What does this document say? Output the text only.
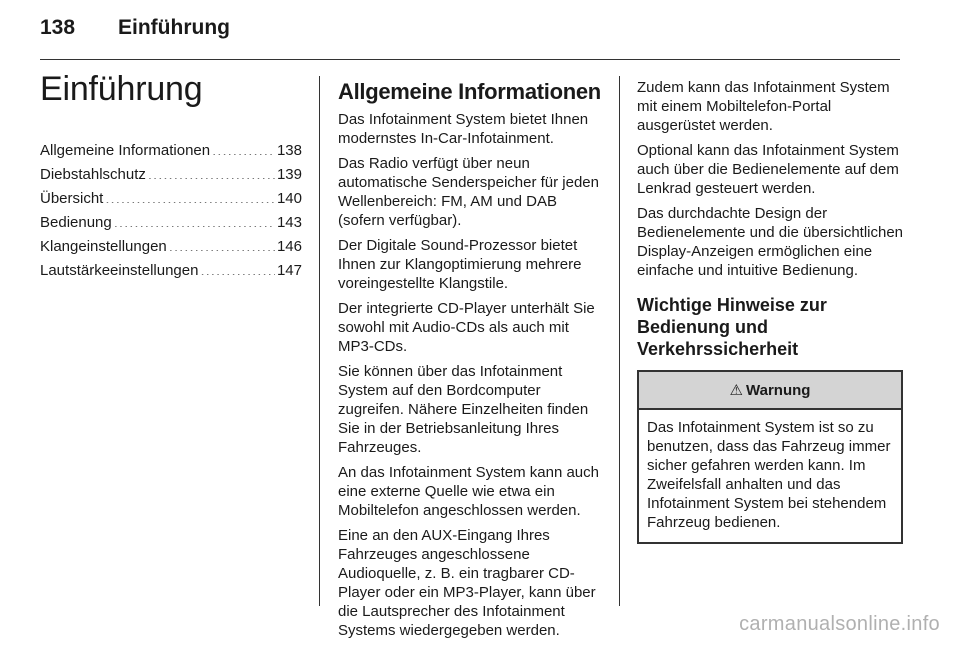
138 Einführung
Einführung
Allgemeine Informationen .....	138
Diebstahlschutz .....	139
Übersicht .....	140
Bedienung .....	143
Klangeinstellungen .....	146
Lautstärkeeinstellungen .....	147
Allgemeine Informationen

Das Infotainment System bietet Ihnen modernstes In-Car-Infotainment.

Das Radio verfügt über neun automatische Senderspeicher für jeden Wellenbereich: FM, AM und DAB (sofern verfügbar).

Der Digitale Sound-Prozessor bietet Ihnen zur Klangoptimierung mehrere voreingestellte Klangstile.

Der integrierte CD-Player unterhält Sie sowohl mit Audio-CDs als auch mit MP3-CDs.

Sie können über das Infotainment System auf den Bordcomputer zugreifen. Nähere Einzelheiten finden Sie in der Betriebsanleitung Ihres Fahrzeuges.

An das Infotainment System kann auch eine externe Quelle wie etwa ein Mobiltelefon angeschlossen werden.

Eine an den AUX-Eingang Ihres Fahrzeuges angeschlossene Audioquelle, z. B. ein tragbarer CD-Player oder ein MP3-Player, kann über die Lautsprecher des Infotainment Systems wiedergegeben werden.

Zudem kann das Infotainment System mit einem Mobiltelefon-Portal ausgerüstet werden.

Optional kann das Infotainment System auch über die Bedienelemente auf dem Lenkrad gesteuert werden.

Das durchdachte Design der Bedienelemente und die übersichtlichen Display-Anzeigen ermöglichen eine einfache und intuitive Bedienung.

Wichtige Hinweise zur Bedienung und Verkehrssicherheit
⚠ Warnung
Das Infotainment System ist so zu benutzen, dass das Fahrzeug immer sicher gefahren werden kann. Im Zweifelsfall anhalten und das Infotainment System bei stehendem Fahrzeug bedienen.
carmanualsonline.info
